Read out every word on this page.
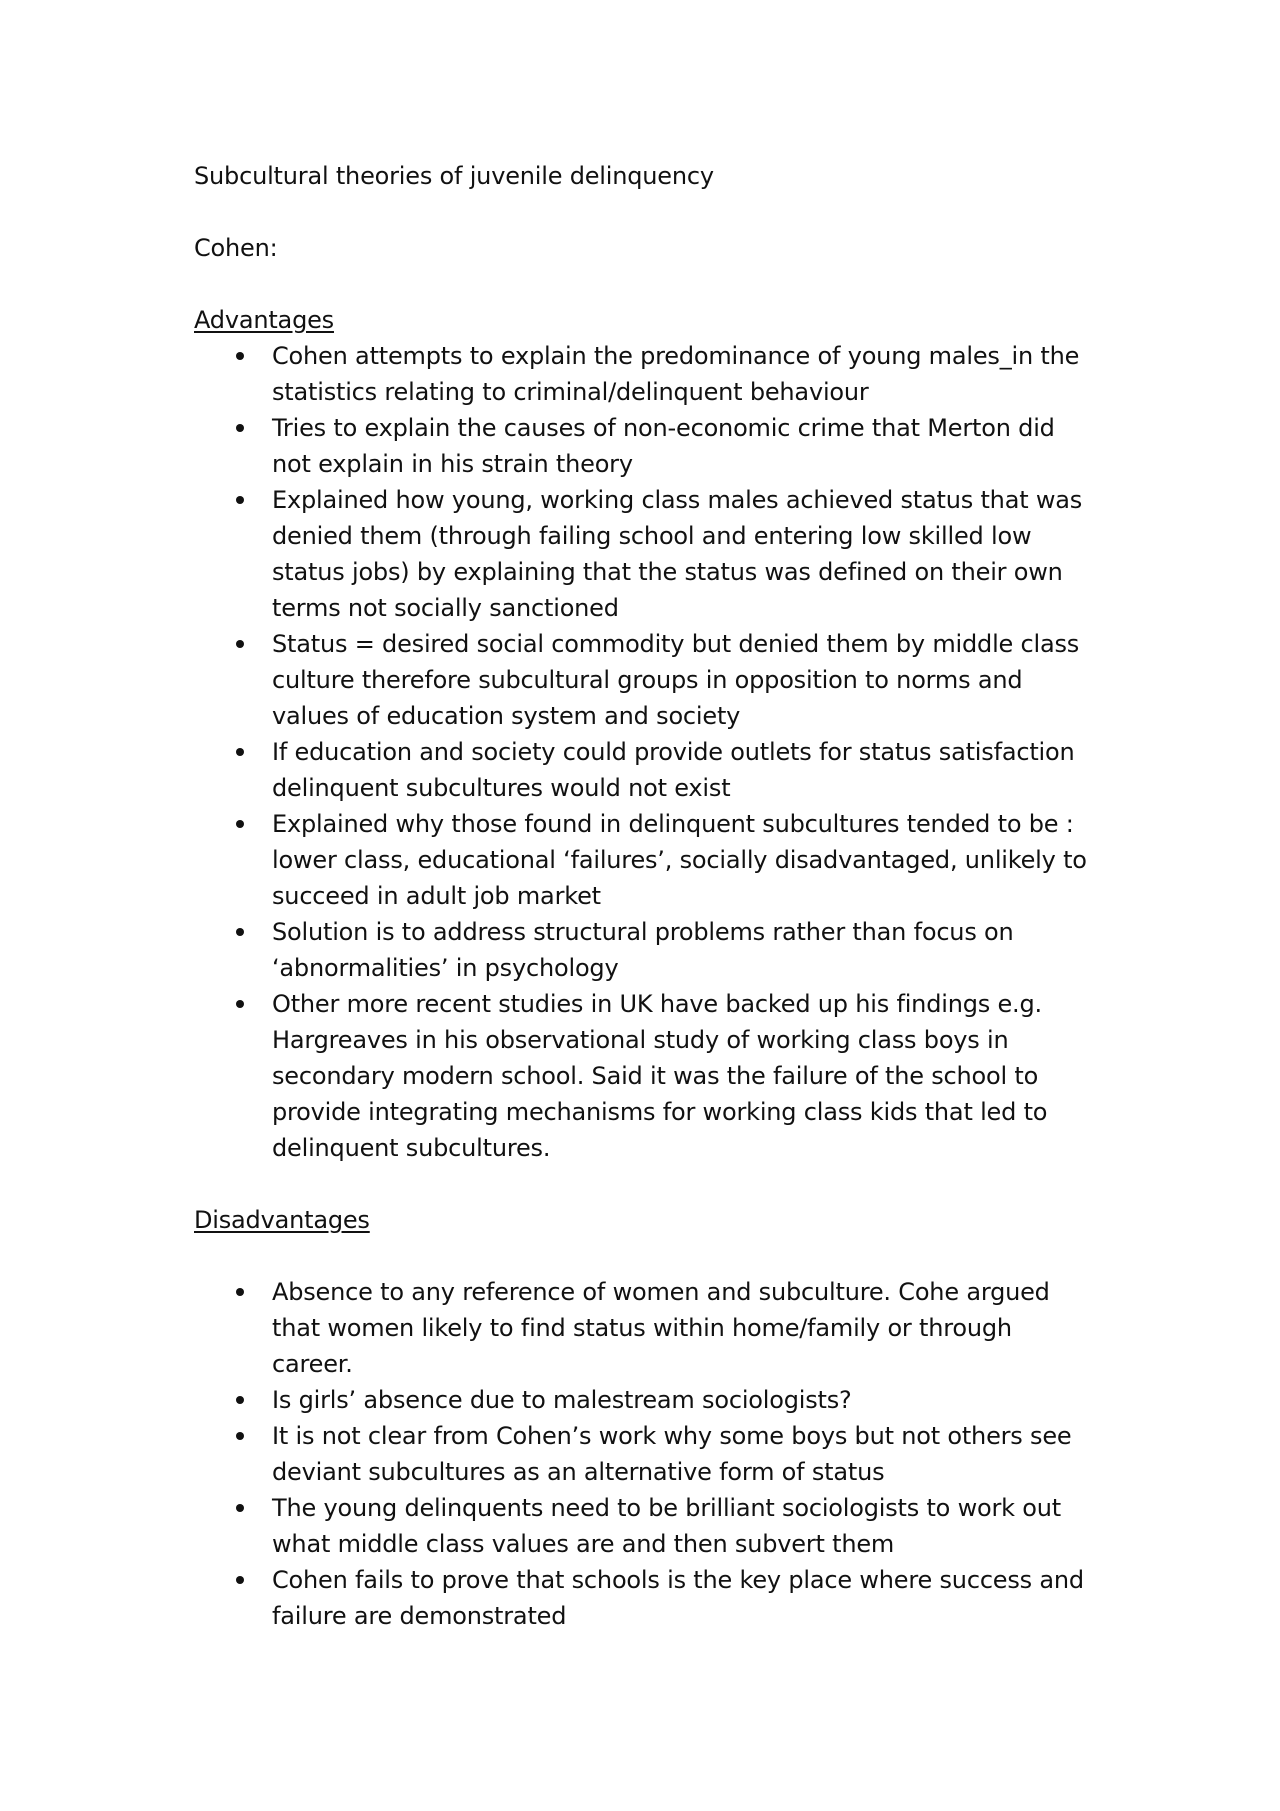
Subcultural theories of juvenile delinquency

Cohen:

Advantages

Cohen attempts to explain the predominance of young males_in the statistics relating to criminal/delinquent behaviour
Tries to explain the causes of non-economic crime that Merton did not explain in his strain theory
Explained how young, working class males achieved status that was denied them (through failing school and entering low skilled low status jobs) by explaining that the status was defined on their own terms not socially sanctioned
Status = desired social commodity but denied them by middle class culture therefore subcultural groups in opposition to norms and values of education system and society
If education and society could provide outlets for status satisfaction delinquent subcultures would not exist
Explained why those found in delinquent subcultures tended to be : lower class, educational ‘failures’, socially disadvantaged, unlikely to succeed in adult job market
Solution is to address structural problems rather than focus on ‘abnormalities’ in psychology
Other more recent studies in UK have backed up his findings e.g. Hargreaves in his observational study of working class boys in secondary modern school. Said it was the failure of the school to provide integrating mechanisms for working class kids that led to delinquent subcultures.

Disadvantages

Absence to any reference of women and subculture. Cohe argued that women likely to find status within home/family or through career.
Is girls’ absence due to malestream sociologists?
It is not clear from Cohen’s work why some boys but not others see deviant subcultures as an alternative form of status
The young delinquents need to be brilliant sociologists to work out what middle class values are and then subvert them
Cohen fails to prove that schools is the key place where success and failure are demonstrated
